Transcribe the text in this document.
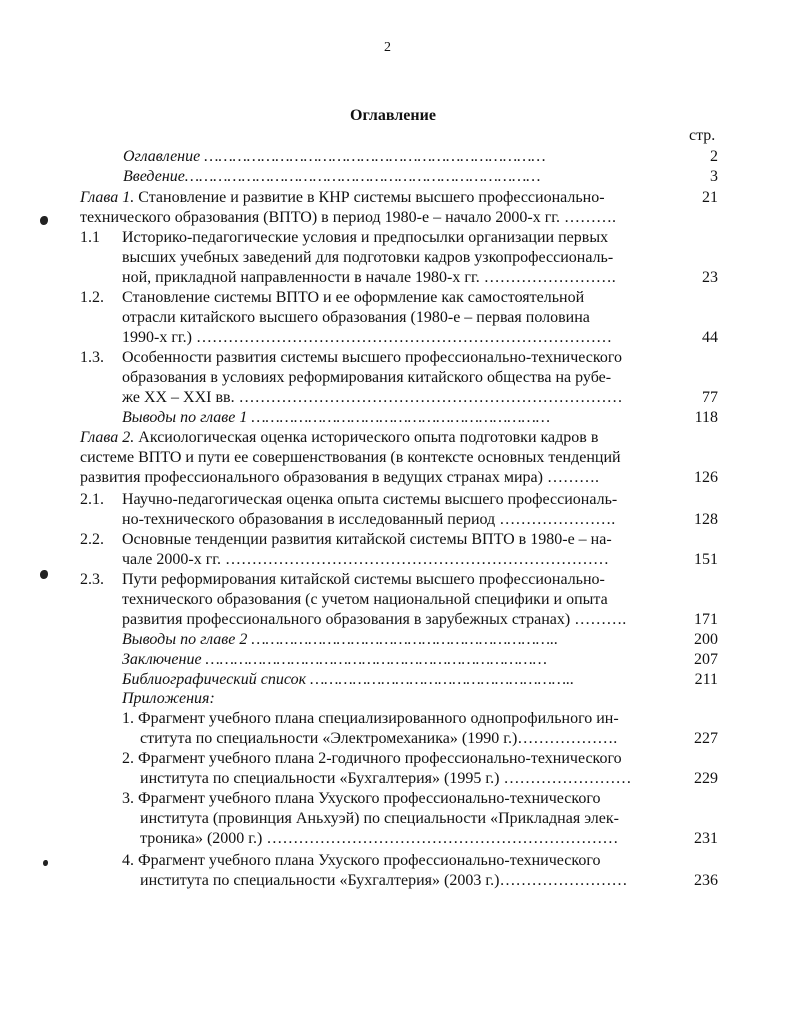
2
Оглавление
стр.
Оглавление ………………………………………………………………	2
Введение…………………………………………………………………	3
Глава 1. Становление и развитие в КНР системы высшего профессионально-	21
технического образования (ВПТО) в период 1980-е – начало 2000-х гг. ……….
1.1 Историко-педагогические условия и предпосылки организации первых
высших учебных заведений для подготовки кадров узкопрофессиональ-
ной, прикладной направленности в начале 1980-х гг. …………………….	23
1.2. Становление системы ВПТО и ее оформление как самостоятельной
отрасли китайского высшего образования (1980-е – первая половина
1990-х гг.) ……………………………………………………………………	44
1.3. Особенности развития системы высшего профессионально-технического
образования в условиях реформирования китайского общества на рубе-
же XX – XXI вв. ………………………………………………………………	77
Выводы по главе 1 ………………………………………………………	118
Глава 2. Аксиологическая оценка исторического опыта подготовки кадров в
системе ВПТО и пути ее совершенствования (в контексте основных тенденций
развития профессионального образования в ведущих странах мира) ……….	126
2.1. Научно-педагогическая оценка опыта системы высшего профессиональ-
но-технического образования в исследованный период ………………….	128
2.2. Основные тенденции развития китайской системы ВПТО в 1980-е – на-
чале 2000-х гг. ………………………………………………………………	151
2.3. Пути реформирования китайской системы высшего профессионально-
технического образования (с учетом национальной специфики и опыта
развития профессионального образования в зарубежных странах) ……….	171
Выводы по главе 2 ………………………………………………………..	200
Заключение ………………………………………………………………	207
Библиографический список ………………………………………………..	211
Приложения:
1. Фрагмент учебного плана специализированного однопрофильного ин-
ститута по специальности «Электромеханика» (1990 г.)……………….	227
2. Фрагмент учебного плана 2-годичного профессионально-технического
института по специальности «Бухгалтерия» (1995 г.) ……………………	229
3. Фрагмент учебного плана Ухуского профессионально-технического
института (провинция Аньхуэй) по специальности «Прикладная элек-
троника» (2000 г.) …………………………………………………………	231
4. Фрагмент учебного плана Ухуского профессионально-технического
института по специальности «Бухгалтерия» (2003 г.)……………………	236
